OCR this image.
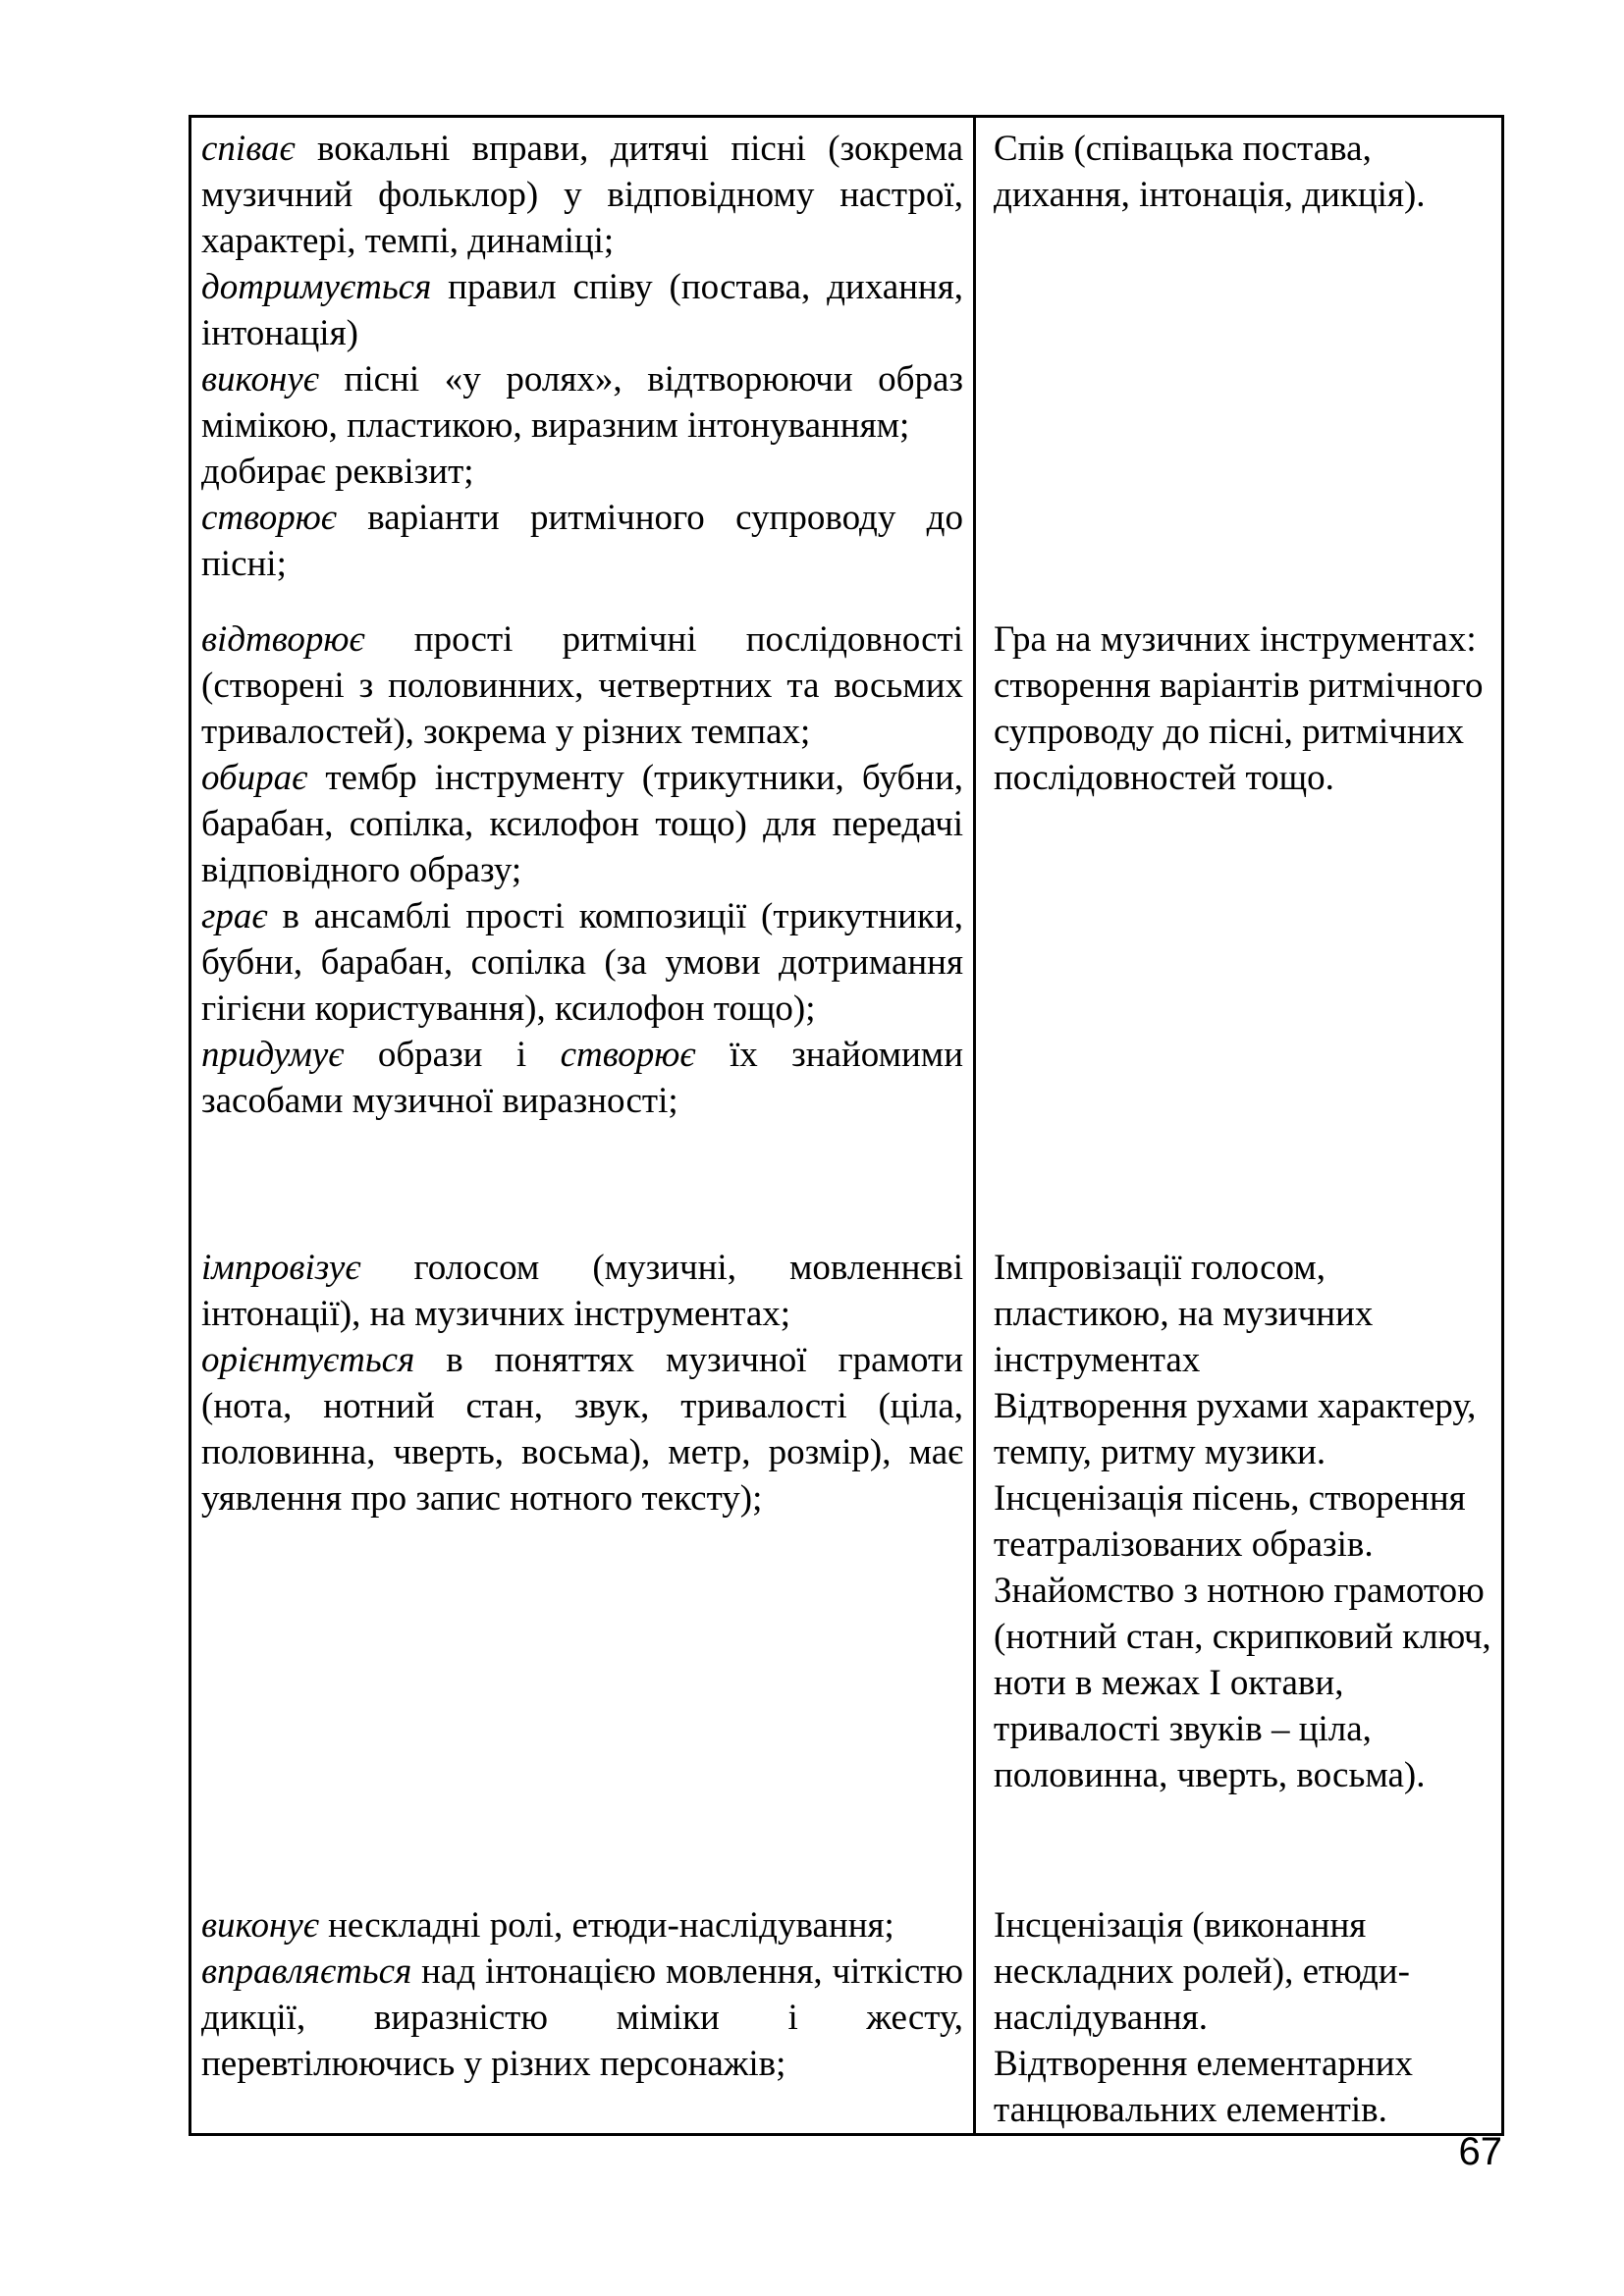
співає вокальні вправи, дитячі пісні (зокрема музичний фольклор) у відповідному настрої, характері, темпі, динаміці;

дотримується правил співу (постава, дихання, інтонація)

виконує пісні «у ролях», відтворюючи образ мімікою, пластикою, виразним інтонуванням;

добирає реквізит;

створює варіанти ритмічного супроводу до пісні;

Спів (співацька постава, дихання, інтонація, дикція).

відтворює прості ритмічні послідовності (створені з половинних, четвертних та восьмих тривалостей), зокрема у різних темпах;

обирає тембр інструменту (трикутники, бубни, барабан, сопілка, ксилофон тощо) для передачі відповідного образу;

грає в ансамблі прості композиції (трикутники, бубни, барабан, сопілка (за умови дотримання гігієни користування), ксилофон тощо);

придумує образи і створює їх знайомими засобами музичної виразності;

Гра на музичних інструментах: створення варіантів ритмічного супроводу до пісні, ритмічних послідовностей тощо.

імпровізує голосом (музичні, мовленнєві інтонації), на музичних інструментах;

орієнтується в поняттях музичної грамоти (нота, нотний стан, звук, тривалості (ціла, половинна, чверть, восьма), метр, розмір), має уявлення про запис нотного тексту);

Імпровізації голосом, пластикою, на музичних інструментах

Відтворення рухами характеру, темпу, ритму музики.

Інсценізація пісень, створення театралізованих образів.

Знайомство з нотною грамотою (нотний стан, скрипковий ключ, ноти в межах І октави, тривалості звуків – ціла, половинна, чверть, восьма).

виконує нескладні ролі, етюди-наслідування;

вправляється над інтонацією мовлення, чіткістю дикції, виразністю міміки і жесту, перевтілюючись у різних персонажів;

Інсценізація (виконання нескладних ролей), етюди-наслідування.

Відтворення елементарних танцювальних елементів.

67
